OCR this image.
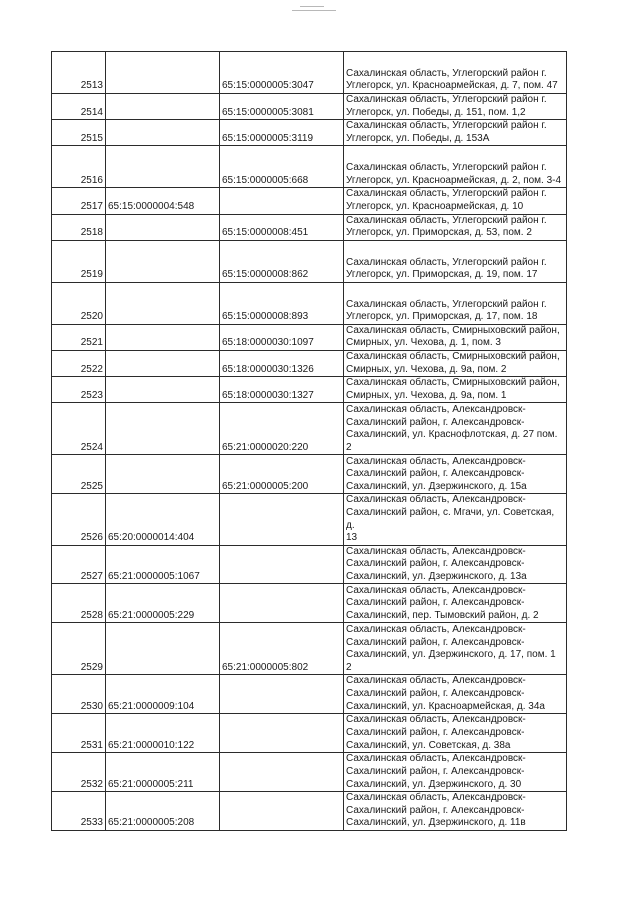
2513		65:15:0000005:3047	Сахалинская область, Углегорский район г.
Углегорск, ул. Красноармейская, д. 7, пом. 47
2514		65:15:0000005:3081	Сахалинская область, Углегорский район г.
Углегорск, ул. Победы, д. 151, пом. 1,2
2515		65:15:0000005:3119	Сахалинская область, Углегорский район г.
Углегорск, ул. Победы, д. 153А
2516		65:15:0000005:668	Сахалинская область, Углегорский район г.
Углегорск, ул. Красноармейская, д. 2, пом. 3-4
2517	65:15:0000004:548		Сахалинская область, Углегорский район г.
Углегорск, ул. Красноармейская, д. 10
2518		65:15:0000008:451	Сахалинская область, Углегорский район г.
Углегорск, ул. Приморская, д. 53, пом. 2
2519		65:15:0000008:862	Сахалинская область, Углегорский район г.
Углегорск, ул. Приморская, д. 19, пом. 17
2520		65:15:0000008:893	Сахалинская область, Углегорский район г.
Углегорск, ул. Приморская, д. 17, пом. 18
2521		65:18:0000030:1097	Сахалинская область, Смирныховский район,
Смирных, ул. Чехова, д. 1, пом. 3
2522		65:18:0000030:1326	Сахалинская область, Смирныховский район,
Смирных, ул. Чехова, д. 9а, пом. 2
2523		65:18:0000030:1327	Сахалинская область, Смирныховский район,
Смирных, ул. Чехова, д. 9а, пом. 1
2524		65:21:0000020:220	Сахалинская область, Александровск-
Сахалинский район, г. Александровск-
Сахалинский, ул. Краснофлотская, д. 27 пом. 2
2525		65:21:0000005:200	Сахалинская область, Александровск-
Сахалинский район, г. Александровск-
Сахалинский, ул. Дзержинского, д. 15а
2526	65:20:0000014:404		Сахалинская область, Александровск-
Сахалинский район, с. Мгачи, ул. Советская, д.
13
2527	65:21:0000005:1067		Сахалинская область, Александровск-
Сахалинский район, г. Александровск-
Сахалинский, ул. Дзержинского, д. 13а
2528	65:21:0000005:229		Сахалинская область, Александровск-
Сахалинский район, г. Александровск-
Сахалинский, пер. Тымовский район, д. 2
2529		65:21:0000005:802	Сахалинская область, Александровск-
Сахалинский район, г. Александровск-
Сахалинский, ул. Дзержинского, д. 17, пом. 1 2
2530	65:21:0000009:104		Сахалинская область, Александровск-
Сахалинский район, г. Александровск-
Сахалинский, ул. Красноармейская, д. 34а
2531	65:21:0000010:122		Сахалинская область, Александровск-
Сахалинский район, г. Александровск-
Сахалинский, ул. Советская, д. 38а
2532	65:21:0000005:211		Сахалинская область, Александровск-
Сахалинский район, г. Александровск-
Сахалинский, ул. Дзержинского, д. 30
2533	65:21:0000005:208		Сахалинская область, Александровск-
Сахалинский район, г. Александровск-
Сахалинский, ул. Дзержинского, д. 11в
